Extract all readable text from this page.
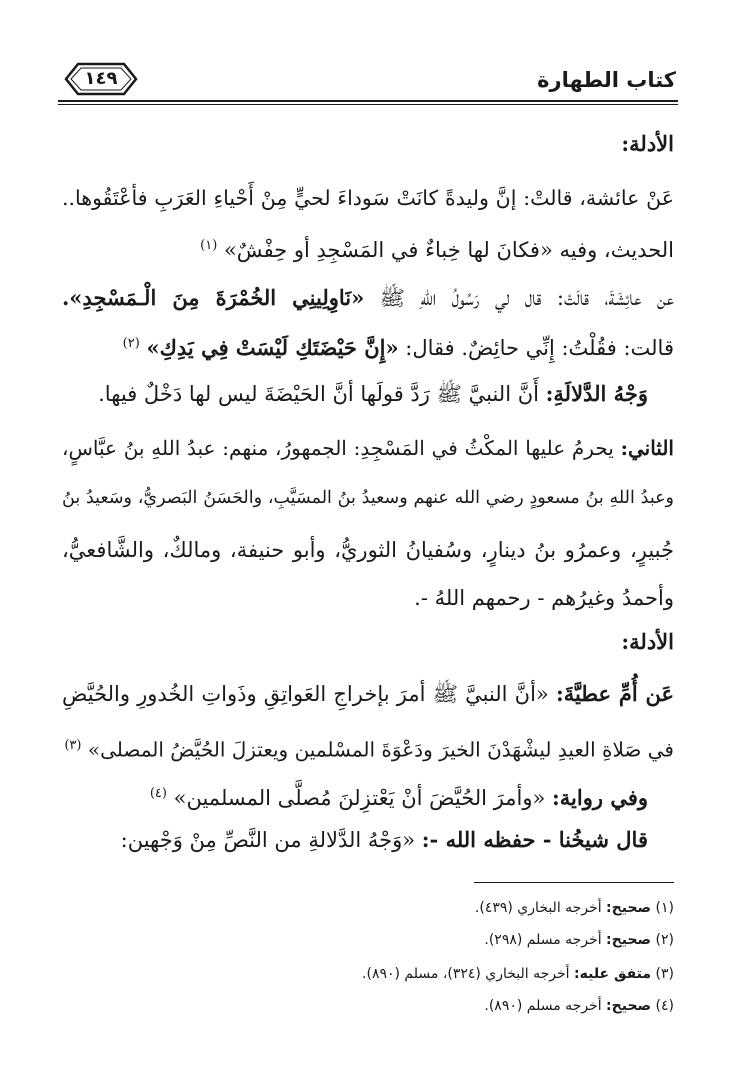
كتاب الطهارة
١٤٩
الأدلة:
عَنْ عائشة، قالتْ: إنَّ وليدةً كانَتْ سَوداءَ لحيٍّ مِنْ أَحْياءِ العَرَبِ فأعْتَقُوها..
الحديث، وفيه «فكانَ لها خِباءٌ في المَسْجِدِ أو حِفْشٌ» $^{(١)}$
عن عائِشَةَ، قالَتْ: قال لي رَسُولُ اللهِ ﷺ «نَاوِلِينِي الخُمْرَةَ مِنَ الْـمَسْجِدِ».
قالت: فقُلْتُ: إِنِّي حائِضٌ. فقال: «إِنَّ حَيْضَتَكِ لَيْسَتْ فِي يَدِكِ» $^{(٢)}$
وَجْهُ الدَّلالَةِ: أَنَّ النبيَّ ﷺ رَدَّ قولَها أنَّ الحَيْضَةَ ليس لها دَخْلٌ فيها.
الثاني: يحرمُ عليها المكْثُ في المَسْجِدِ: الجمهورُ، منهم: عبدُ اللهِ بنُ عبَّاسٍ،
وعبدُ اللهِ بنُ مسعودٍ رضي الله عنهم وسعيدُ بنُ المسَيَّبِ، والحَسَنُ البَصريُّ، وسَعيدُ بنُ
جُبيرٍ، وعمرُو بنُ دينارٍ، وسُفيانُ الثوريُّ، وأبو حنيفة، ومالكٌ، والشَّافعيُّ،
وأحمدُ وغيرُهم - رحمهم اللهُ -.
الأدلة:
عَن أُمِّ عطيَّةَ: «أنَّ النبيَّ ﷺ أمرَ بإخراجِ العَواتِقِ وذَواتِ الخُدورِ والحُيَّضِ
في صَلاةِ العيدِ ليشْهَدْنَ الخيرَ ودَعْوَةَ المسْلمين ويعتزلَ الحُيَّضُ المصلى» $^{(٣)}$
وفي رواية: «وأمرَ الحُيَّضَ أنْ يَعْتزِلنَ مُصلَّى المسلمين» $^{(٤)}$
قال شيخُنا - حفظه الله -: «وَجْهُ الدَّلالةِ من النَّصِّ مِنْ وَجْهين:
(١) صحيح: أخرجه البخاري (٤٣٩).
(٢) صحيح: أخرجه مسلم (٢٩٨).
(٣) متفق عليه: أخرجه البخاري (٣٢٤)، مسلم (٨٩٠).
(٤) صحيح: أخرجه مسلم (٨٩٠).
